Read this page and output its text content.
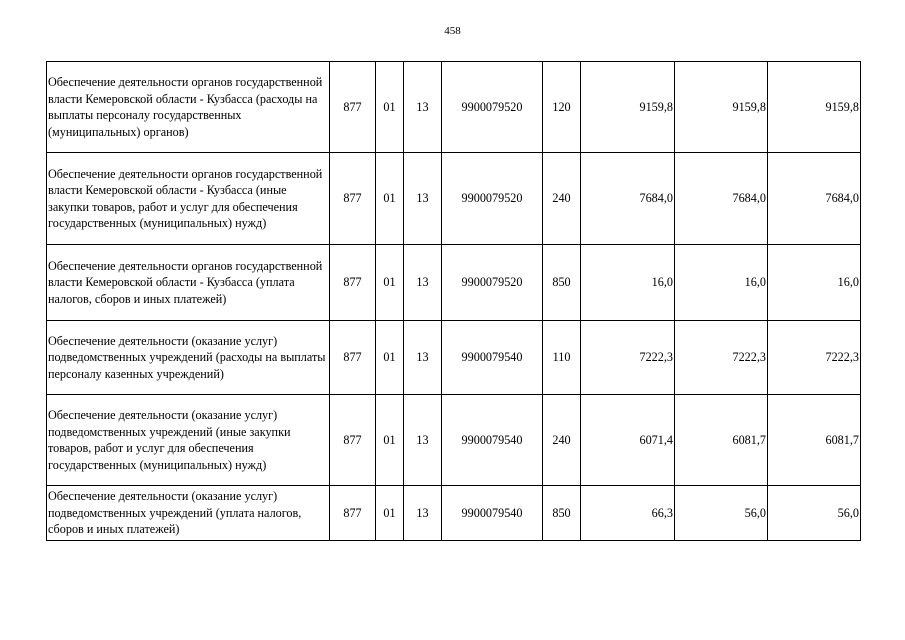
458
Обеспечение деятельности органов государственной власти Кемеровской области - Кузбасса (расходы на выплаты персоналу государственных (муниципальных) органов)	877	01	13	9900079520	120	9159,8	9159,8	9159,8
Обеспечение деятельности органов государственной власти Кемеровской области - Кузбасса (иные закупки товаров, работ и услуг для обеспечения государственных (муниципальных) нужд)	877	01	13	9900079520	240	7684,0	7684,0	7684,0
Обеспечение деятельности органов государственной власти Кемеровской области - Кузбасса (уплата налогов, сборов и иных платежей)	877	01	13	9900079520	850	16,0	16,0	16,0
Обеспечение деятельности (оказание услуг) подведомственных учреждений (расходы на выплаты персоналу казенных учреждений)	877	01	13	9900079540	110	7222,3	7222,3	7222,3
Обеспечение деятельности (оказание услуг) подведомственных учреждений (иные закупки товаров, работ и услуг для обеспечения государственных (муниципальных) нужд)	877	01	13	9900079540	240	6071,4	6081,7	6081,7
Обеспечение деятельности (оказание услуг) подведомственных учреждений (уплата налогов, сборов и иных платежей)	877	01	13	9900079540	850	66,3	56,0	56,0
